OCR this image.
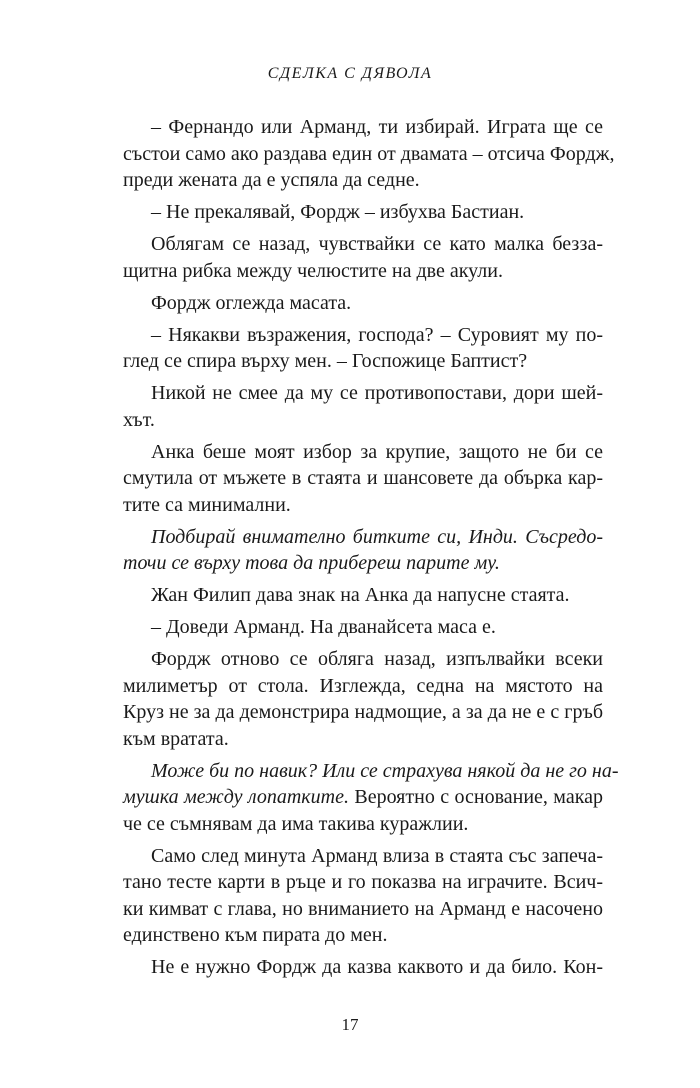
СДЕЛКА С ДЯВОЛА

– Фернандо или Арманд, ти избирай. Играта ще се
състои само ако раздава един от двамата – отсича Фордж,
преди жената да е успяла да седне.

– Не прекалявай, Фордж – избухва Бастиан.

Облягам се назад, чувствайки се като малка безза-
щитна рибка между челюстите на две акули.

Фордж оглежда масата.

– Някакви възражения, господа? – Суровият му по-
глед се спира върху мен. – Госпожице Баптист?

Никой не смее да му се противопостави, дори шей-
хът.

Анка беше моят избор за крупие, защото не би се
смутила от мъжете в стаята и шансовете да обърка кар-
тите са минимални.

Подбирай внимателно битките си, Инди. Съсредо-
точи се върху това да прибереш парите му.

Жан Филип дава знак на Анка да напусне стаята.

– Доведи Арманд. На дванайсета маса е.

Фордж отново се обляга назад, изпълвайки всеки
милиметър от стола. Изглежда, седна на мястото на
Круз не за да демонстрира надмощие, а за да не е с гръб
към вратата.

Може би по навик? Или се страхува някой да не го на-
мушка между лопатките. Вероятно с основание, макар
че се съмнявам да има такива куражлии.

Само след минута Арманд влиза в стаята със запеча-
тано тесте карти в ръце и го показва на играчите. Всич-
ки кимват с глава, но вниманието на Арманд е насочено
единствено към пирата до мен.

Не е нужно Фордж да казва каквото и да било. Кон-

17
